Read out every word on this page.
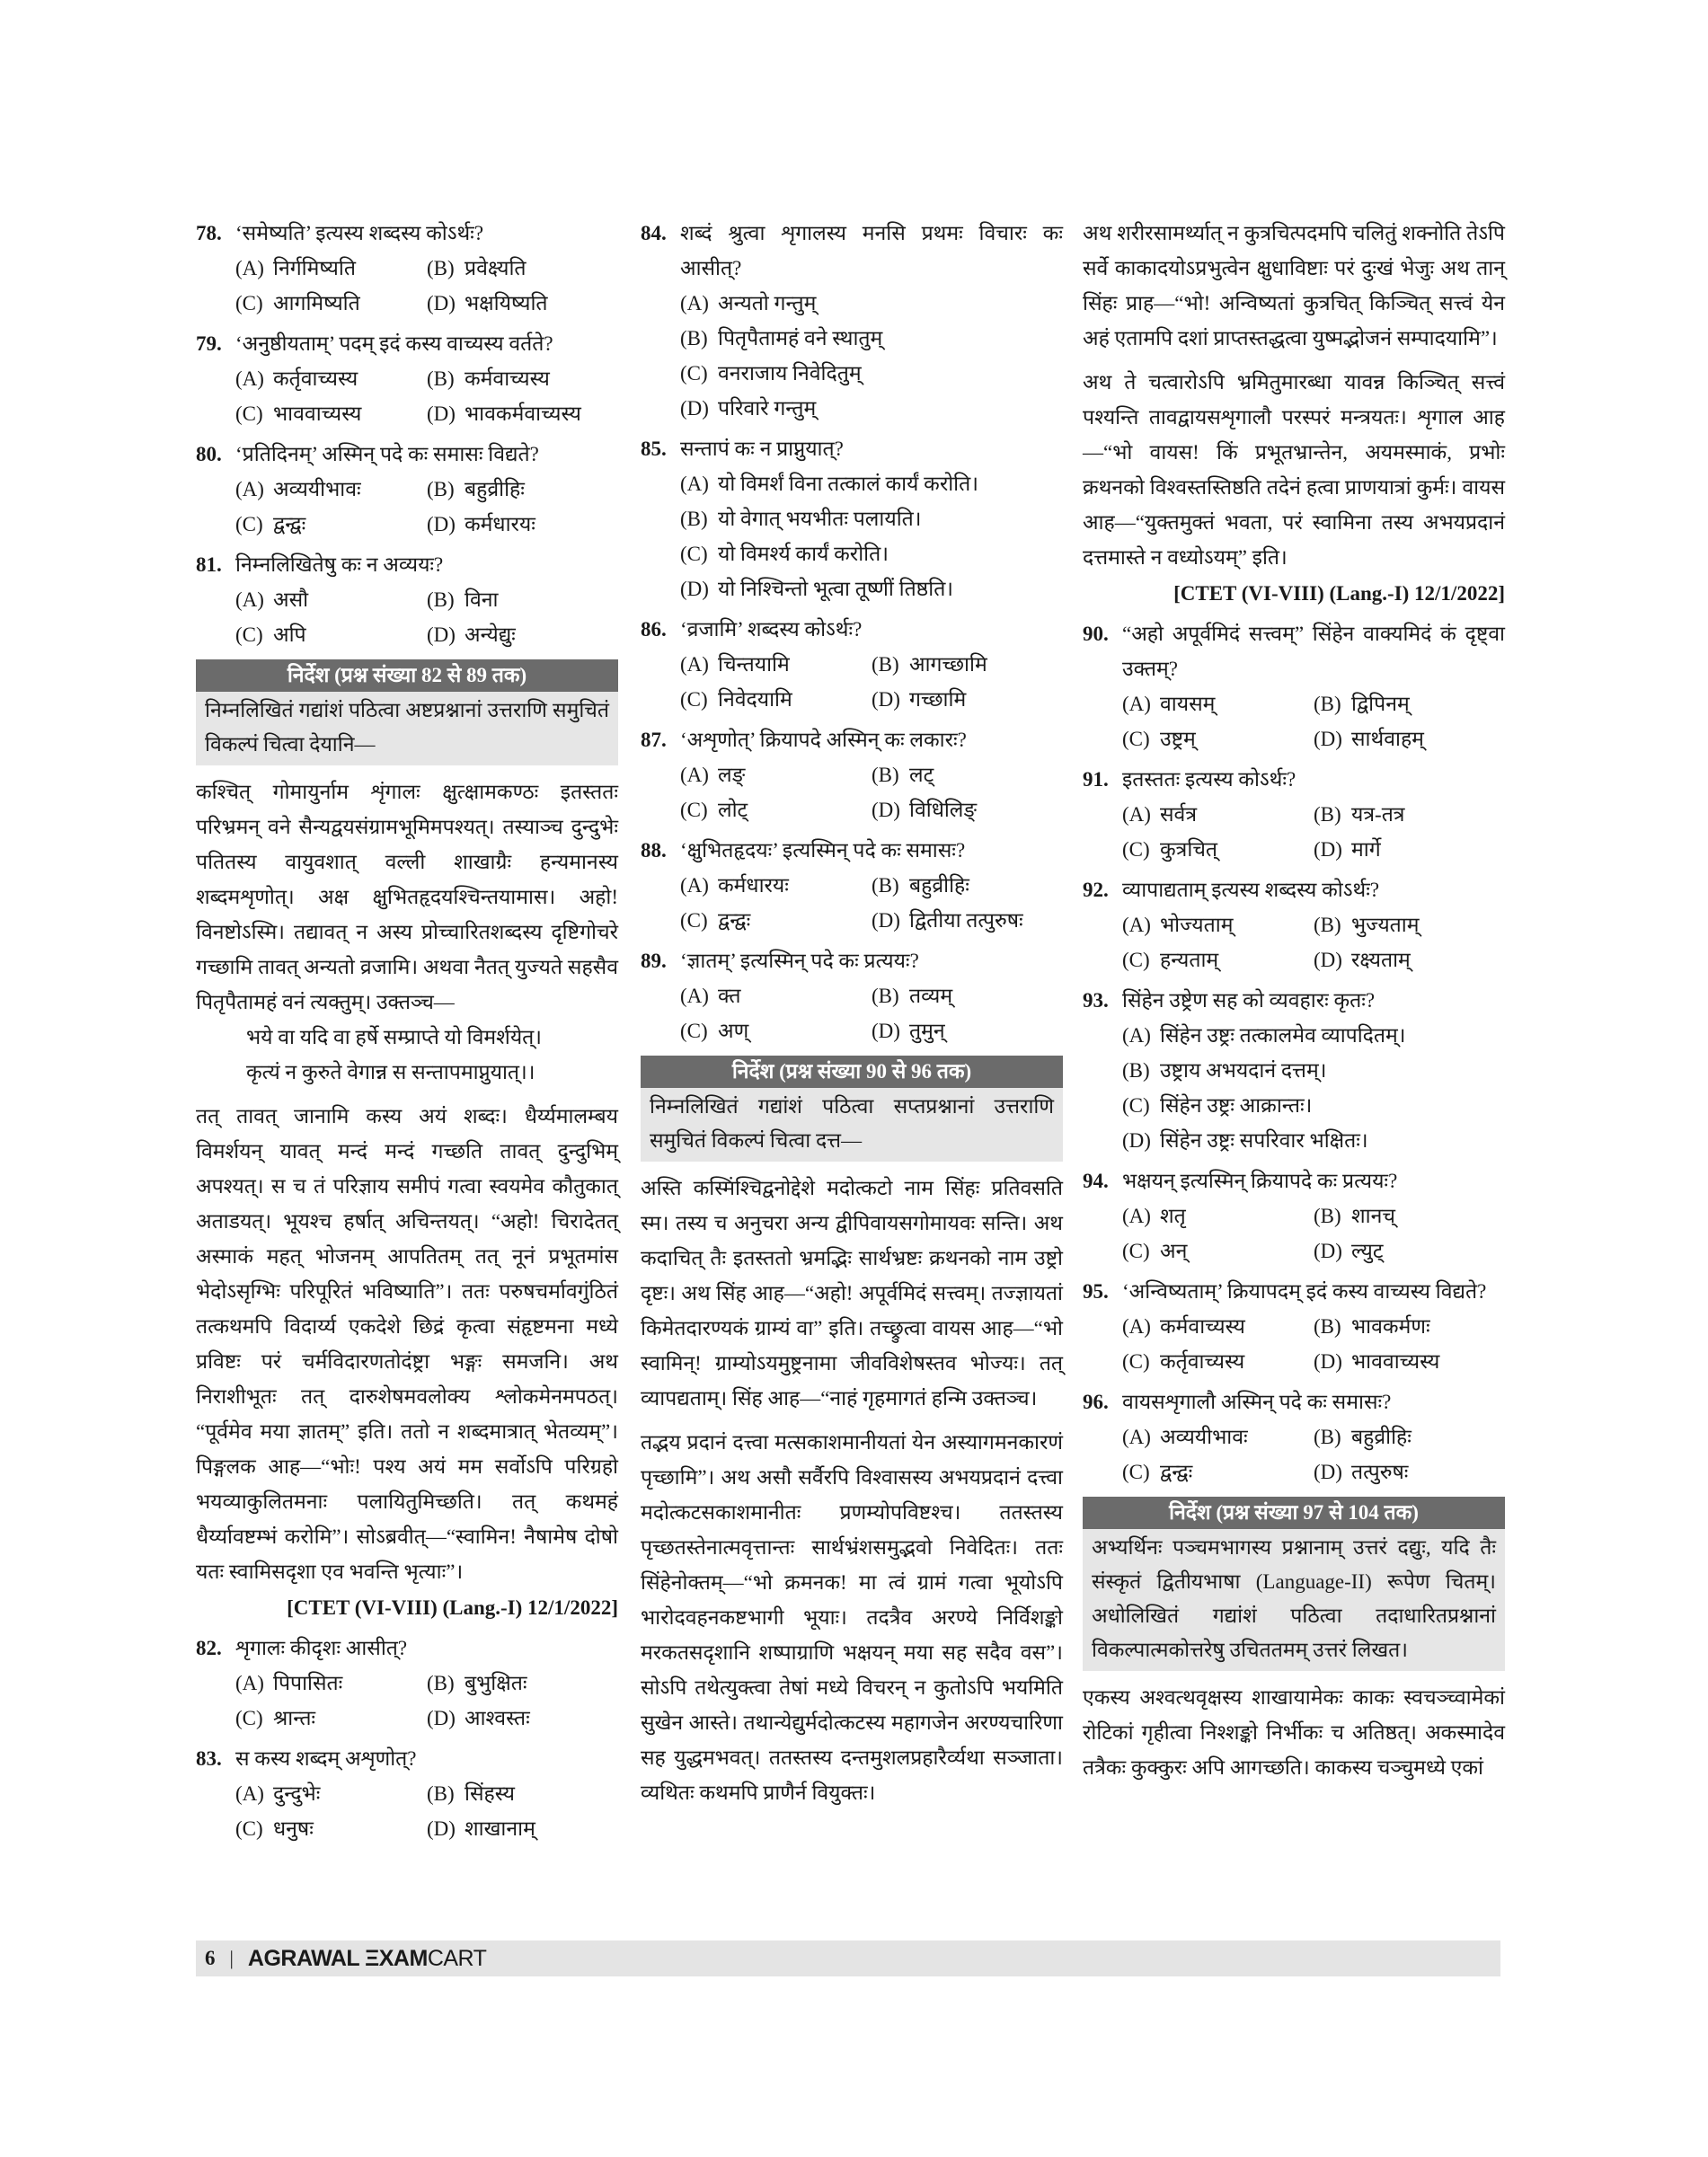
78. ‘समेष्यति’ इत्यस्य शब्दस्य कोऽर्थः?
(A) निर्गमिष्यति	(B) प्रवेक्ष्यति
(C) आगमिष्यति	(D) भक्षयिष्यति
79. ‘अनुष्ठीयताम्’ पदम् इदं कस्य वाच्यस्य वर्तते?
(A) कर्तृवाच्यस्य	(B) कर्मवाच्यस्य
(C) भाववाच्यस्य	(D) भावकर्मवाच्यस्य
80. ‘प्रतिदिनम्’ अस्मिन् पदे कः समासः विद्यते?
(A) अव्ययीभावः	(B) बहुव्रीहिः
(C) द्वन्द्वः	(D) कर्मधारयः
81. निम्नलिखितेषु कः न अव्ययः?
(A) असौ	(B) विना
(C) अपि	(D) अन्येद्युः
निर्देश (प्रश्न संख्या 82 से 89 तक)
निम्नलिखितं गद्यांशं पठित्वा अष्टप्रश्नानां उत्तराणि समुचितं विकल्पं चित्वा देयानि—
कश्चित् गोमायुर्नाम शृंगालः क्षुत्क्षामकण्ठः इतस्ततः परिभ्रमन् वने सैन्यद्वयसंग्रामभूमिमपश्यत्। तस्याञ्च दुन्दुभेः पतितस्य वायुवशात् वल्ली शाखाग्रैः हन्यमानस्य शब्दमशृणोत्। अक्ष क्षुभितहृदयश्चिन्तयामास। अहो! विनष्टोऽस्मि। तद्यावत् न अस्य प्रोच्चारितशब्दस्य दृष्टिगोचरे गच्छामि तावत् अन्यतो व्रजामि। अथवा नैतत् युज्यते सहसैव पितृपैतामहं वनं त्यक्तुम्। उक्तञ्च—
भये वा यदि वा हर्षे सम्प्राप्ते यो विमर्शयेत्।
कृत्यं न कुरुते वेगान्न स सन्तापमाप्नुयात्।।
तत् तावत् जानामि कस्य अयं शब्दः। धैर्य्यमालम्बय विमर्शयन् यावत् मन्दं मन्दं गच्छति तावत् दुन्दुभिम् अपश्यत्। स च तं परिज्ञाय समीपं गत्वा स्वयमेव कौतुकात् अताडयत्। भूयश्च हर्षात् अचिन्तयत्। “अहो! चिरादेतत् अस्माकं महत् भोजनम् आपतितम् तत् नूनं प्रभूतमांस भेदोऽसृग्भिः परिपूरितं भविष्याति”। ततः परुषचर्मावगुंठितं तत्कथमपि विदार्य्य एकदेशे छिद्रं कृत्वा संहृष्टमना मध्ये प्रविष्टः परं चर्मविदारणतोदंष्ट्रा भङ्गः समजनि। अथ निराशीभूतः तत् दारुशेषमवलोक्य श्लोकमेनमपठत्। “पूर्वमेव मया ज्ञातम्” इति। ततो न शब्दमात्रात् भेतव्यम्”। पिङ्गलक आह—“भोः! पश्य अयं मम सर्वोऽपि परिग्रहो भयव्याकुलितमनाः पलायितुमिच्छति। तत् कथमहं धैर्य्यावष्टम्भं करोमि”। सोऽब्रवीत्—“स्वामिन! नैषामेष दोषो यतः स्वामिसदृशा एव भवन्ति भृत्याः”।
[CTET (VI-VIII) (Lang.-I) 12/1/2022]
82. शृगालः कीदृशः आसीत्?
(A) पिपासितः	(B) बुभुक्षितः
(C) श्रान्तः	(D) आश्वस्तः
83. स कस्य शब्दम् अशृणोत्?
(A) दुन्दुभेः	(B) सिंहस्य
(C) धनुषः	(D) शाखानाम्
84. शब्दं श्रुत्वा शृगालस्य मनसि प्रथमः विचारः कः आसीत्?
(A) अन्यतो गन्तुम्
(B) पितृपैतामहं वने स्थातुम्
(C) वनराजाय निवेदितुम्
(D) परिवारे गन्तुम्
85. सन्तापं कः न प्राप्नुयात्?
(A) यो विमर्शं विना तत्कालं कार्यं करोति।
(B) यो वेगात् भयभीतः पलायति।
(C) यो विमर्श्य कार्यं करोति।
(D) यो निश्चिन्तो भूत्वा तूष्णीं तिष्ठति।
86. ‘व्रजामि’ शब्दस्य कोऽर्थः?
(A) चिन्तयामि	(B) आगच्छामि
(C) निवेदयामि	(D) गच्छामि
87. ‘अशृणोत्’ क्रियापदे अस्मिन् कः लकारः?
(A) लङ्	(B) लट्
(C) लोट्	(D) विधिलिङ्
88. ‘क्षुभितहृदयः’ इत्यस्मिन् पदे कः समासः?
(A) कर्मधारयः	(B) बहुव्रीहिः
(C) द्वन्द्वः	(D) द्वितीया तत्पुरुषः
89. ‘ज्ञातम्’ इत्यस्मिन् पदे कः प्रत्ययः?
(A) क्त	(B) तव्यम्
(C) अण्	(D) तुमुन्
निर्देश (प्रश्न संख्या 90 से 96 तक)
निम्नलिखितं गद्यांशं पठित्वा सप्तप्रश्नानां उत्तराणि समुचितं विकल्पं चित्वा दत्त—
अस्ति कस्मिंश्चिद्वनोद्देशे मदोत्कटो नाम सिंहः प्रतिवसति स्म। तस्य च अनुचरा अन्य द्वीपिवायसगोमायवः सन्ति। अथ कदाचित् तैः इतस्ततो भ्रमद्भिः सार्थभ्रष्टः क्रथनको नाम उष्ट्रो दृष्टः। अथ सिंह आह—“अहो! अपूर्वमिदं सत्त्वम्। तज्ज्ञायतां किमेतदारण्यकं ग्राम्यं वा” इति। तच्छ्रुत्वा वायस आह—“भो स्वामिन्! ग्राम्योऽयमुष्ट्रनामा जीवविशेषस्तव भोज्यः। तत् व्यापद्यताम्। सिंह आह—“नाहं गृहमागतं हन्मि उक्तञ्च।
तद्भय प्रदानं दत्त्वा मत्सकाशमानीयतां येन अस्यागमनकारणं पृच्छामि”। अथ असौ सर्वैरपि विश्वासस्य अभयप्रदानं दत्त्वा मदोत्कटसकाशमानीतः प्रणम्योपविष्टश्च। ततस्तस्य पृच्छतस्तेनात्मवृत्तान्तः सार्थभ्रंशसमुद्भवो निवेदितः। ततः सिंहेनोक्तम्—“भो क्रमनक! मा त्वं ग्रामं गत्वा भूयोऽपि भारोदवहनकष्टभागी भूयाः। तदत्रैव अरण्ये निर्विशङ्को मरकतसदृशानि शष्पाग्राणि भक्षयन् मया सह सदैव वस”। सोऽपि तथेत्युक्त्वा तेषां मध्ये विचरन् न कुतोऽपि भयमिति सुखेन आस्ते। तथान्येद्युर्मदोत्कटस्य महागजेन अरण्यचारिणा सह युद्धमभवत्। ततस्तस्य दन्तमुशलप्रहारैर्व्यथा सञ्जाता। व्यथितः कथमपि प्राणैर्न वियुक्तः।
अथ शरीरसामर्थ्यात् न कुत्रचित्पदमपि चलितुं शक्नोति तेऽपि सर्वे काकादयोऽप्रभुत्वेन क्षुधाविष्टाः परं दुःखं भेजुः अथ तान् सिंहः प्राह—“भो! अन्विष्यतां कुत्रचित् किञ्चित् सत्त्वं येन अहं एतामपि दशां प्राप्तस्तद्धत्वा युष्मद्भोजनं सम्पादयामि”।
अथ ते चत्वारोऽपि भ्रमितुमारब्धा यावन्न किञ्चित् सत्त्वं पश्यन्ति तावद्वायसशृगालौ परस्परं मन्त्रयतः। शृगाल आह—“भो वायस! किं प्रभूतभ्रान्तेन, अयमस्माकं, प्रभोः क्रथनको विश्वस्तस्तिष्ठति तदेनं हत्वा प्राणयात्रां कुर्मः। वायस आह—“युक्तमुक्तं भवता, परं स्वामिना तस्य अभयप्रदानं दत्तमास्ते न वध्योऽयम्” इति।
[CTET (VI-VIII) (Lang.-I) 12/1/2022]
90. “अहो अपूर्वमिदं सत्त्वम्” सिंहेन वाक्यमिदं कं दृष्ट्वा उक्तम्?
(A) वायसम्	(B) द्विपिनम्
(C) उष्ट्रम्	(D) सार्थवाहम्
91. इतस्ततः इत्यस्य कोऽर्थः?
(A) सर्वत्र	(B) यत्र-तत्र
(C) कुत्रचित्	(D) मार्गे
92. व्यापाद्यताम् इत्यस्य शब्दस्य कोऽर्थः?
(A) भोज्यताम्	(B) भुज्यताम्
(C) हन्यताम्	(D) रक्ष्यताम्
93. सिंहेन उष्ट्रेण सह को व्यवहारः कृतः?
(A) सिंहेन उष्ट्रः तत्कालमेव व्यापदितम्।
(B) उष्ट्राय अभयदानं दत्तम्।
(C) सिंहेन उष्ट्रः आक्रान्तः।
(D) सिंहेन उष्ट्रः सपरिवार भक्षितः।
94. भक्षयन् इत्यस्मिन् क्रियापदे कः प्रत्ययः?
(A) शतृ	(B) शानच्
(C) अन्	(D) ल्युट्
95. ‘अन्विष्यताम्’ क्रियापदम् इदं कस्य वाच्यस्य विद्यते?
(A) कर्मवाच्यस्य	(B) भावकर्मणः
(C) कर्तृवाच्यस्य	(D) भाववाच्यस्य
96. वायसशृगालौ अस्मिन् पदे कः समासः?
(A) अव्ययीभावः	(B) बहुव्रीहिः
(C) द्वन्द्वः	(D) तत्पुरुषः
निर्देश (प्रश्न संख्या 97 से 104 तक)
अभ्यर्थिनः पञ्चमभागस्य प्रश्नानाम् उत्तरं दद्युः, यदि तैः संस्कृतं द्वितीयभाषा (Language-II) रूपेण चितम्। अधोलिखितं गद्यांशं पठित्वा तदाधारितप्रश्नानां विकल्पात्मकोत्तरेषु उचिततमम् उत्तरं लिखत।
एकस्य अश्वत्थवृक्षस्य शाखायामेकः काकः स्वचञ्च्वामेकां रोटिकां गृहीत्वा निश्शङ्को निर्भीकः च अतिष्ठत्। अकस्मादेव तत्रैकः कुक्कुरः अपि आगच्छति। काकस्य चञ्चुमध्ये एकां
6 | AGRAWAL ΞXAMCART
